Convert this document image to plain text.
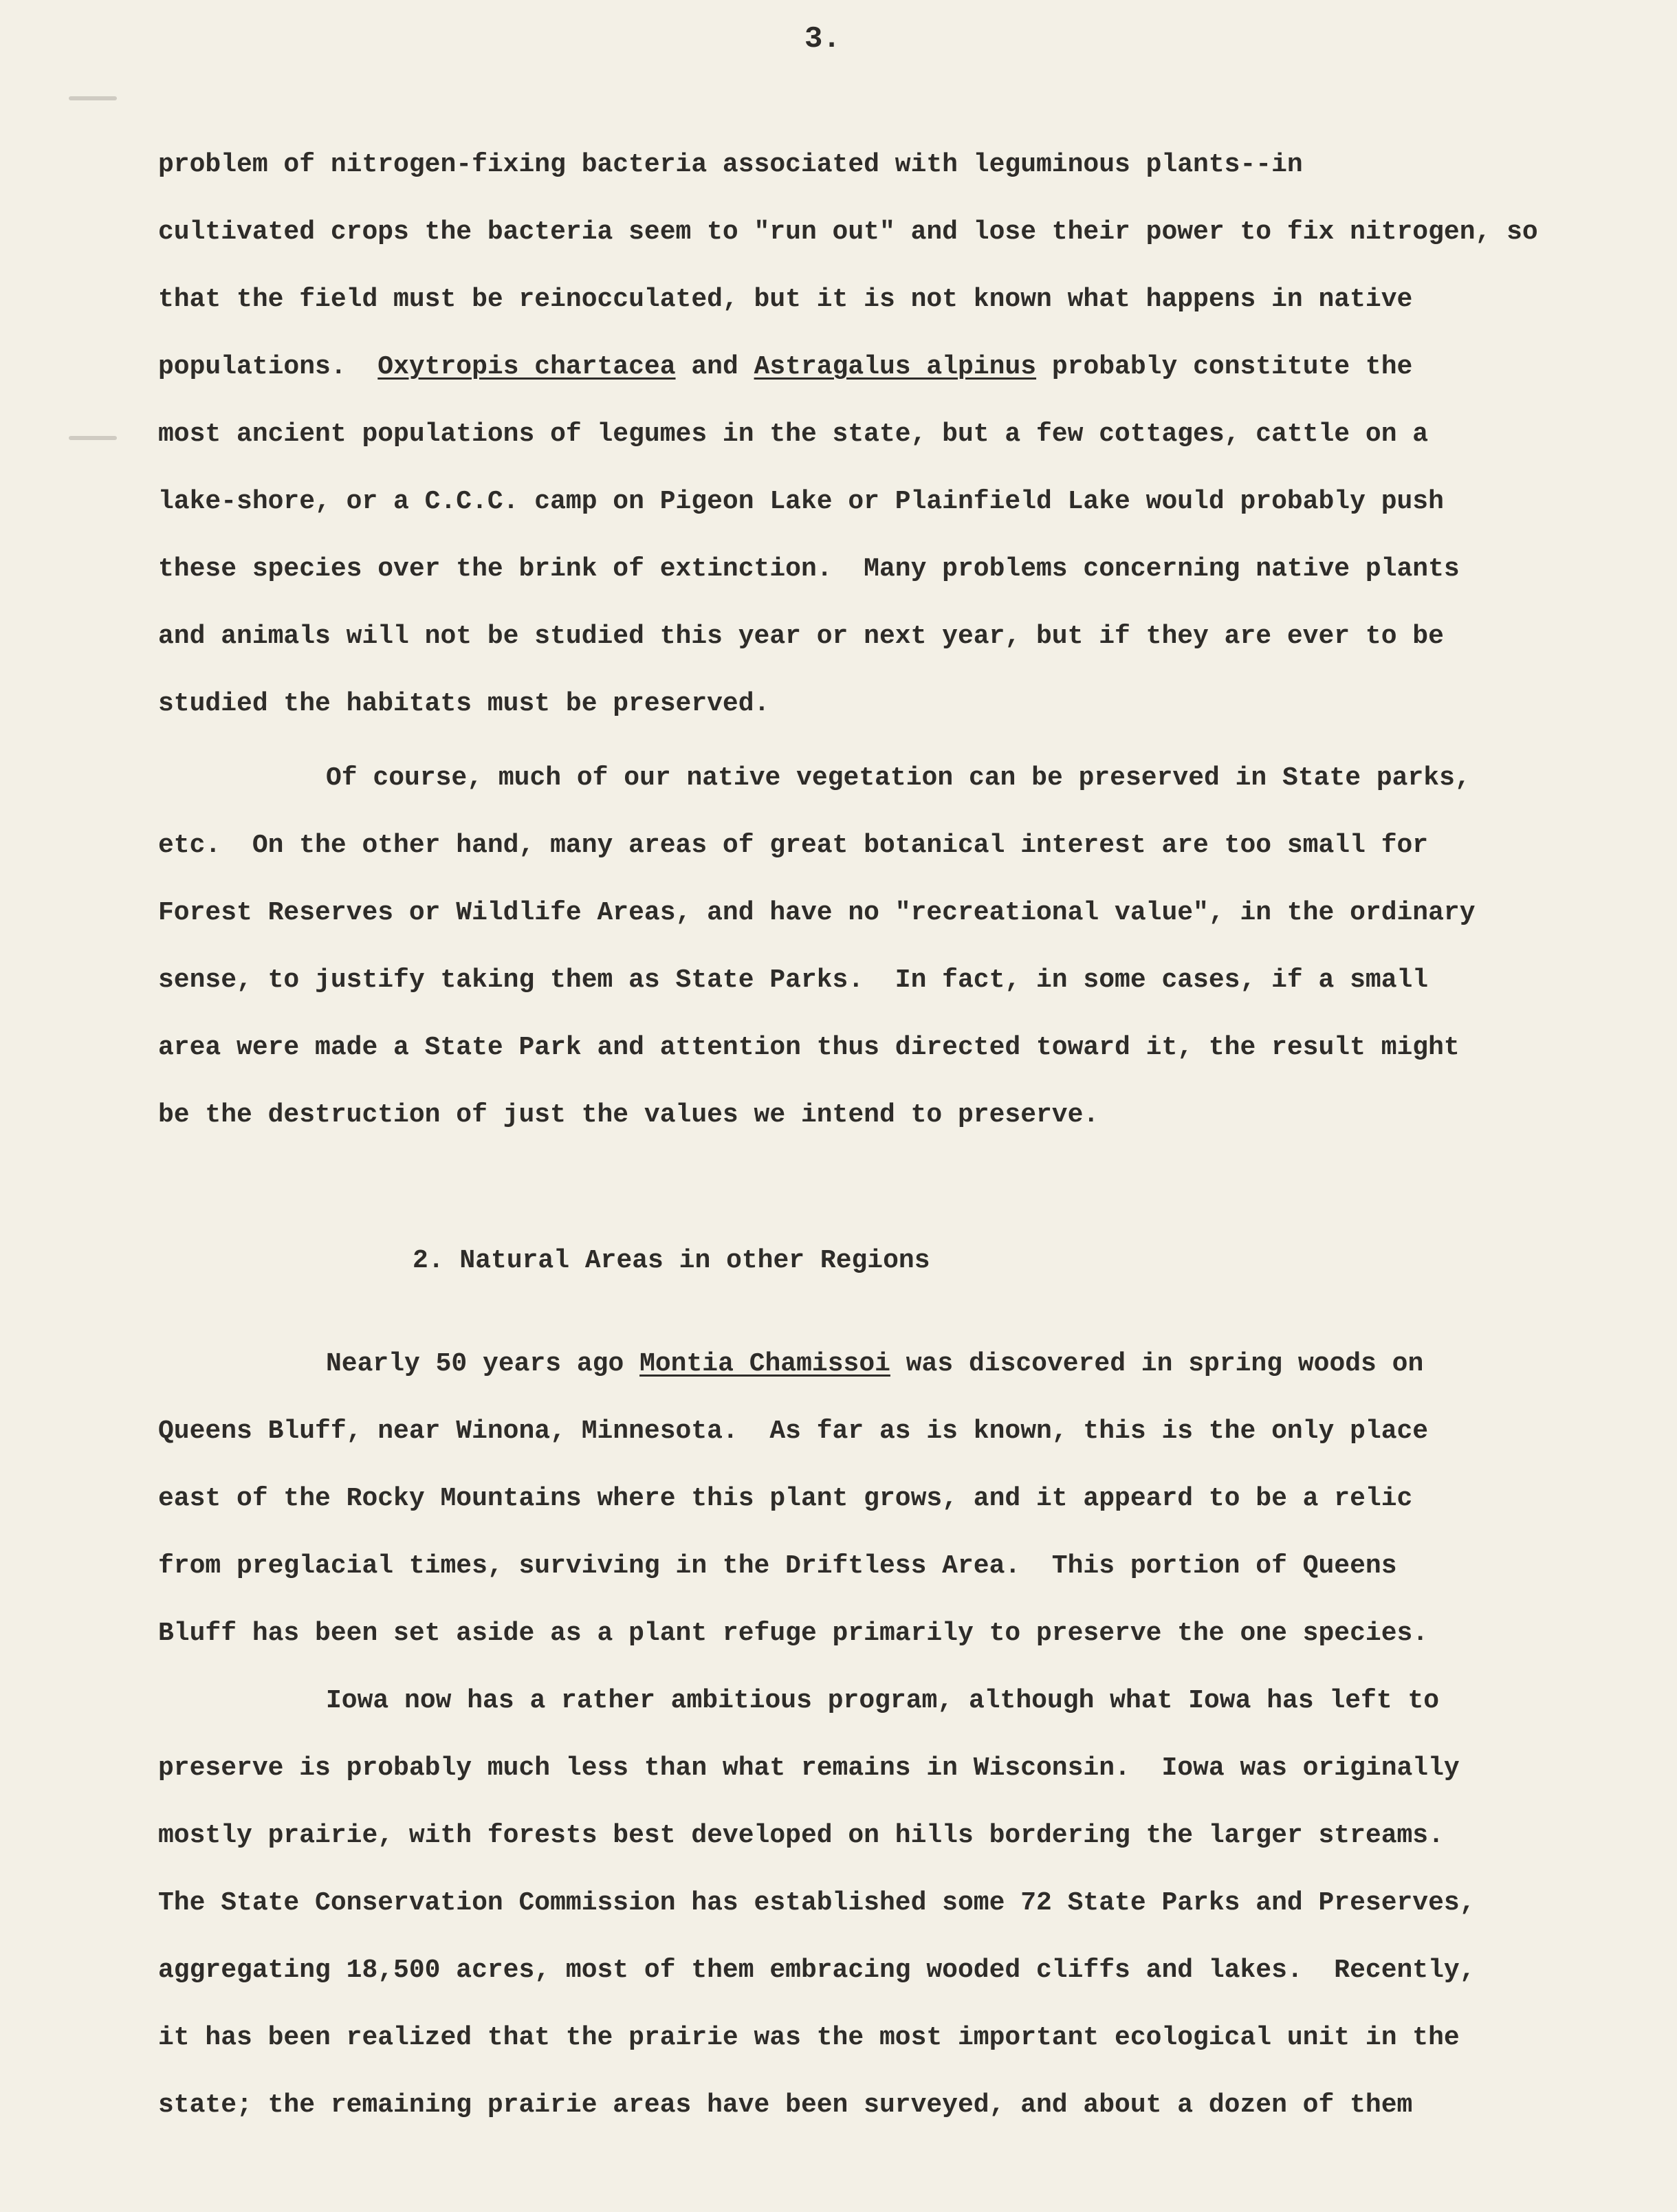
3.
problem of nitrogen-fixing bacteria associated with leguminous plants--in
cultivated crops the bacteria seem to "run out" and lose their power to fix nitrogen, so
that the field must be reinocculated, but it is not known what happens in native
populations.  Oxytropis chartacea and Astragalus alpinus probably constitute the
most ancient populations of legumes in the state, but a few cottages, cattle on a
lake-shore, or a C.C.C. camp on Pigeon Lake or Plainfield Lake would probably push
these species over the brink of extinction.  Many problems concerning native plants
and animals will not be studied this year or next year, but if they are ever to be
studied the habitats must be preserved.
Of course, much of our native vegetation can be preserved in State parks,
etc.  On the other hand, many areas of great botanical interest are too small for
Forest Reserves or Wildlife Areas, and have no "recreational value", in the ordinary
sense, to justify taking them as State Parks.  In fact, in some cases, if a small
area were made a State Park and attention thus directed toward it, the result might
be the destruction of just the values we intend to preserve.
2. Natural Areas in other Regions
Nearly 50 years ago Montia Chamissoi was discovered in spring woods on
Queens Bluff, near Winona, Minnesota.  As far as is known, this is the only place
east of the Rocky Mountains where this plant grows, and it appeard to be a relic
from preglacial times, surviving in the Driftless Area.  This portion of Queens
Bluff has been set aside as a plant refuge primarily to preserve the one species.
Iowa now has a rather ambitious program, although what Iowa has left to
preserve is probably much less than what remains in Wisconsin.  Iowa was originally
mostly prairie, with forests best developed on hills bordering the larger streams.
The State Conservation Commission has established some 72 State Parks and Preserves,
aggregating 18,500 acres, most of them embracing wooded cliffs and lakes.  Recently,
it has been realized that the prairie was the most important ecological unit in the
state; the remaining prairie areas have been surveyed, and about a dozen of them
